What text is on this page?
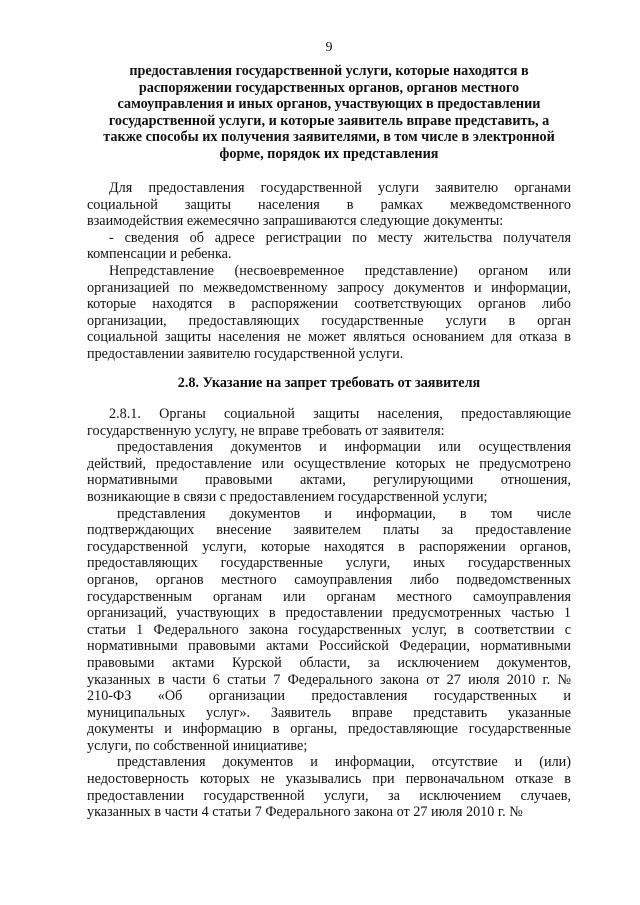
9
предоставления государственной услуги, которые находятся в
распоряжении государственных органов, органов местного
самоуправления и иных органов, участвующих в предоставлении
государственной услуги, и которые заявитель вправе представить, а
также способы их получения заявителями, в том числе в электронной
форме, порядок их представления
Для предоставления государственной услуги заявителю органами
социальной защиты населения в рамках межведомственного
взаимодействия ежемесячно запрашиваются следующие документы:
- сведения об адресе регистрации по месту жительства получателя
компенсации и ребенка.
Непредставление (несвоевременное представление) органом или
организацией по межведомственному запросу документов и информации,
которые находятся в распоряжении соответствующих органов либо
организации, предоставляющих государственные услуги в орган
социальной защиты населения не может являться основанием для отказа в
предоставлении заявителю государственной услуги.
2.8. Указание на запрет требовать от заявителя
2.8.1. Органы социальной защиты населения, предоставляющие
государственную услугу, не вправе требовать от заявителя:
предоставления документов и информации или осуществления
действий, предоставление или осуществление которых не предусмотрено
нормативными правовыми актами, регулирующими отношения,
возникающие в связи с предоставлением государственной услуги;
представления документов и информации, в том числе
подтверждающих внесение заявителем платы за предоставление
государственной услуги, которые находятся в распоряжении органов,
предоставляющих государственные услуги, иных государственных
органов, органов местного самоуправления либо подведомственных
государственным органам или органам местного самоуправления
организаций, участвующих в предоставлении предусмотренных частью 1
статьи 1 Федерального закона государственных услуг, в соответствии с
нормативными правовыми актами Российской Федерации, нормативными
правовыми актами Курской области, за исключением документов,
указанных в части 6 статьи 7 Федерального закона от 27 июля 2010 г. №
210-ФЗ «Об организации предоставления государственных и
муниципальных услуг». Заявитель вправе представить указанные
документы и информацию в органы, предоставляющие государственные
услуги, по собственной инициативе;
представления документов и информации, отсутствие и (или)
недостоверность которых не указывались при первоначальном отказе в
предоставлении государственной услуги, за исключением случаев,
указанных в части 4 статьи 7 Федерального закона от 27 июля 2010 г. №
